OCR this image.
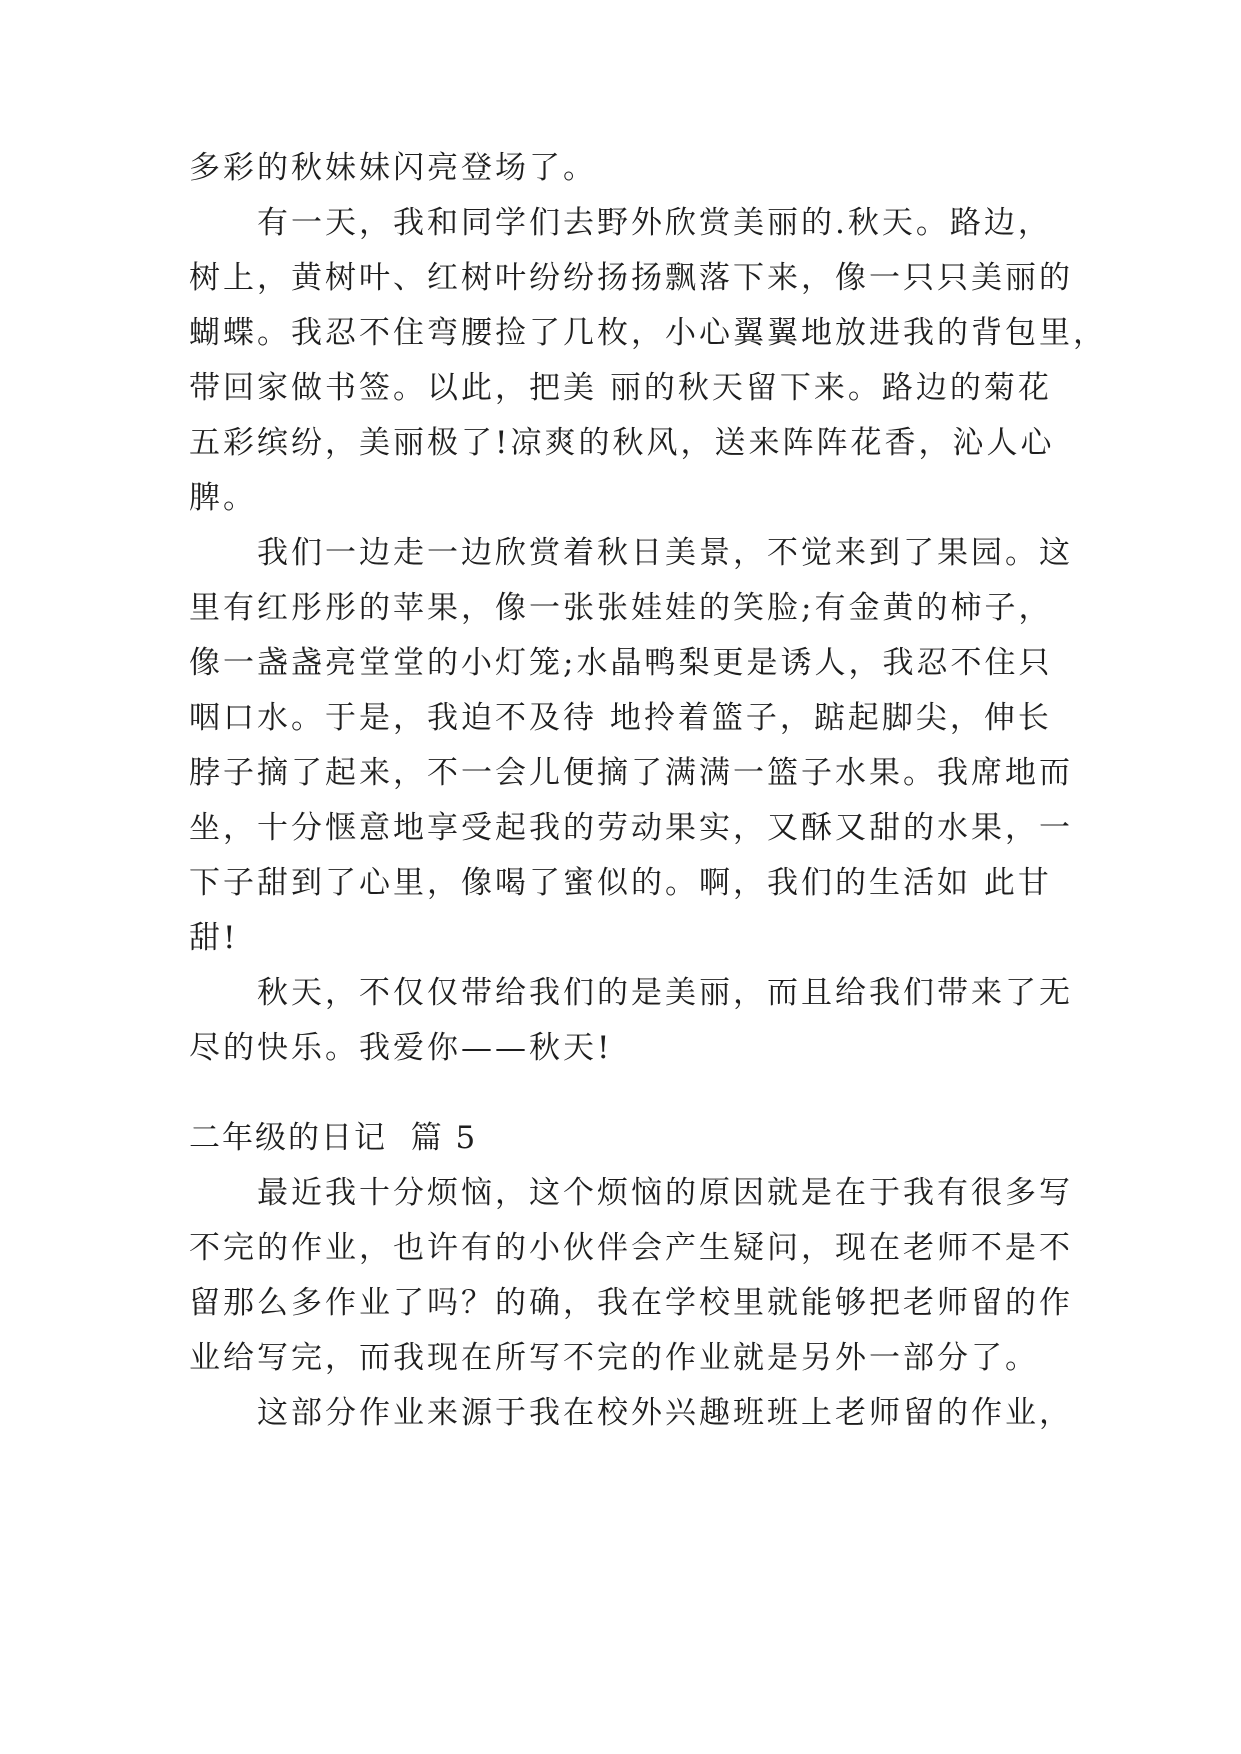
多彩的秋妹妹闪亮登场了。

有一天，我和同学们去野外欣赏美丽的.秋天。路边，

树上，黄树叶、红树叶纷纷扬扬飘落下来，像一只只美丽的

蝴蝶。我忍不住弯腰捡了几枚，小心翼翼地放进我的背包里，

带回家做书签。以此，把美 丽的秋天留下来。路边的菊花

五彩缤纷，美丽极了!凉爽的秋风，送来阵阵花香，沁人心

脾。

我们一边走一边欣赏着秋日美景，不觉来到了果园。这

里有红彤彤的苹果，像一张张娃娃的笑脸;有金黄的柿子，

像一盏盏亮堂堂的小灯笼;水晶鸭梨更是诱人，我忍不住只

咽口水。于是，我迫不及待 地拎着篮子，踮起脚尖，伸长

脖子摘了起来，不一会儿便摘了满满一篮子水果。我席地而

坐，十分惬意地享受起我的劳动果实，又酥又甜的水果，一

下子甜到了心里，像喝了蜜似的。啊，我们的生活如 此甘

甜!

秋天，不仅仅带给我们的是美丽，而且给我们带来了无

尽的快乐。我爱你——秋天!

二年级的日记  篇 5

最近我十分烦恼，这个烦恼的原因就是在于我有很多写

不完的作业，也许有的小伙伴会产生疑问，现在老师不是不

留那么多作业了吗？的确，我在学校里就能够把老师留的作

业给写完，而我现在所写不完的作业就是另外一部分了。

这部分作业来源于我在校外兴趣班班上老师留的作业，
